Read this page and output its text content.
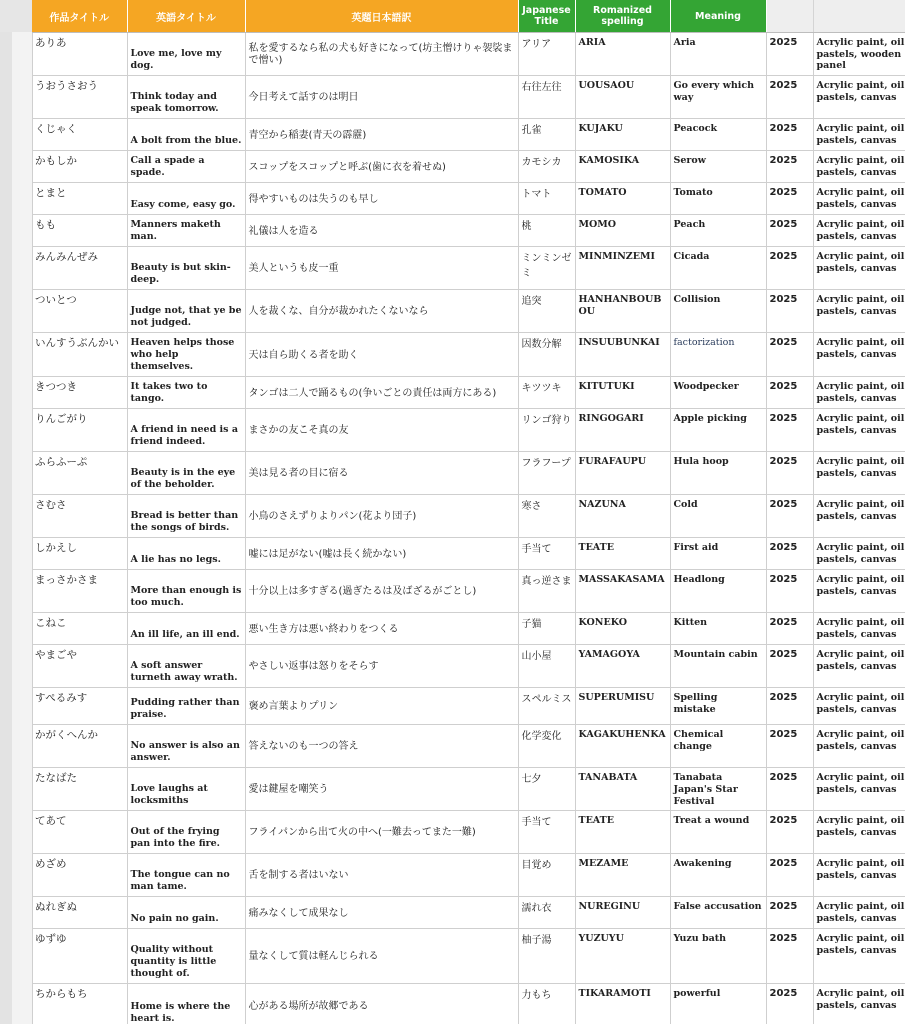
作品タイトル	英語タイトル	英題日本語訳	Japanese Title	Romanized spelling	Meaning		
ありあ	Love me, love my dog.	私を愛するなら私の犬も好きになって(坊主憎けりゃ袈裟まで憎い)	アリア	ARIA	Aria	2025	Acrylic paint, oil pastels, wooden panel
うおうさおう	Think today and speak tomorrow.	今日考えて話すのは明日	右往左往	UOUSAOU	Go every which way	2025	Acrylic paint, oil pastels, canvas
くじゃく	A bolt from the blue.	青空から稲妻(青天の霹靂)	孔雀	KUJAKU	Peacock	2025	Acrylic paint, oil pastels, canvas
かもしか	Call a spade a spade.	スコップをスコップと呼ぶ(歯に衣を着せぬ)	カモシカ	KAMOSIKA	Serow	2025	Acrylic paint, oil pastels, canvas
とまと	Easy come, easy go.	得やすいものは失うのも早し	トマト	TOMATO	Tomato	2025	Acrylic paint, oil pastels, canvas
もも	Manners maketh man.	礼儀は人を造る	桃	MOMO	Peach	2025	Acrylic paint, oil pastels, canvas
みんみんぜみ	Beauty is but skin-deep.	美人というも皮一重	ミンミンゼミ	MINMINZEMI	Cicada	2025	Acrylic paint, oil pastels, canvas
ついとつ	Judge not, that ye be not judged.	人を裁くな、自分が裁かれたくないなら	追突	HANHANBOUBOU	Collision	2025	Acrylic paint, oil pastels, canvas
いんすうぶんかい	Heaven helps those who help themselves.	天は自ら助くる者を助く	因数分解	INSUUBUNKAI	factorization	2025	Acrylic paint, oil pastels, canvas
きつつき	It takes two to tango.	タンゴは二人で踊るもの(争いごとの責任は両方にある)	キツツキ	KITUTUKI	Woodpecker	2025	Acrylic paint, oil pastels, canvas
りんごがり	A friend in need is a friend indeed.	まさかの友こそ真の友	リンゴ狩り	RINGOGARI	Apple picking	2025	Acrylic paint, oil pastels, canvas
ふらふーぷ	Beauty is in the eye of the beholder.	美は見る者の目に宿る	フラフープ	FURAFAUPU	Hula hoop	2025	Acrylic paint, oil pastels, canvas
さむさ	Bread is better than the songs of birds.	小鳥のさえずりよりパン(花より団子)	寒さ	NAZUNA	Cold	2025	Acrylic paint, oil pastels, canvas
しかえし	A lie has no legs.	嘘には足がない(嘘は長く続かない)	手当て	TEATE	First aid	2025	Acrylic paint, oil pastels, canvas
まっさかさま	More than enough is too much.	十分以上は多すぎる(過ぎたるは及ばざるがごとし)	真っ逆さま	MASSAKASAMA	Headlong	2025	Acrylic paint, oil pastels, canvas
こねこ	An ill life, an ill end.	悪い生き方は悪い終わりをつくる	子猫	KONEKO	Kitten	2025	Acrylic paint, oil pastels, canvas
やまごや	A soft answer turneth away wrath.	やさしい返事は怒りをそらす	山小屋	YAMAGOYA	Mountain cabin	2025	Acrylic paint, oil pastels, canvas
すぺるみす	Pudding rather than praise.	褒め言葉よりプリン	スペルミス	SUPERUMISU	Spelling mistake	2025	Acrylic paint, oil pastels, canvas
かがくへんか	No answer is also an answer.	答えないのも一つの答え	化学変化	KAGAKUHENKA	Chemical change	2025	Acrylic paint, oil pastels, canvas
たなばた	Love laughs at locksmiths	愛は鍵屋を嘲笑う	七夕	TANABATA	Tanabata Japan's Star Festival	2025	Acrylic paint, oil pastels, canvas
てあて	Out of the frying pan into the fire.	フライパンから出て火の中へ(一難去ってまた一難)	手当て	TEATE	Treat a wound	2025	Acrylic paint, oil pastels, canvas
めざめ	The tongue can no man tame.	舌を制する者はいない	目覚め	MEZAME	Awakening	2025	Acrylic paint, oil pastels, canvas
ぬれぎぬ	No pain no gain.	痛みなくして成果なし	濡れ衣	NUREGINU	False accusation	2025	Acrylic paint, oil pastels, canvas
ゆずゆ	Quality without quantity is little thought of.	量なくして質は軽んじられる	柚子湯	YUZUYU	Yuzu bath	2025	Acrylic paint, oil pastels, canvas
ちからもち	Home is where the heart is.	心がある場所が故郷である	力もち	TIKARAMOTI	powerful	2025	Acrylic paint, oil pastels, canvas
